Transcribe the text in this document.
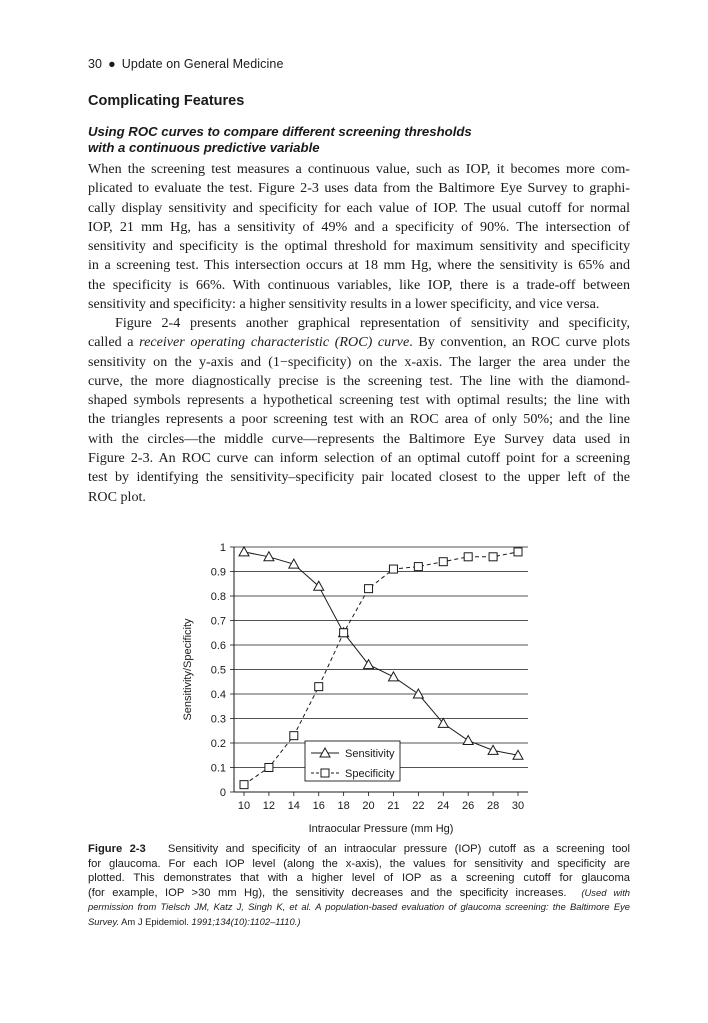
30 ● Update on General Medicine
Complicating Features
Using ROC curves to compare different screening thresholds
with a continuous predictive variable
When the screening test measures a continuous value, such as IOP, it becomes more com-
plicated to evaluate the test. Figure 2-3 uses data from the Baltimore Eye Survey to graphi-
cally display sensitivity and specificity for each value of IOP. The usual cutoff for normal
IOP, 21 mm Hg, has a sensitivity of 49% and a specificity of 90%. The intersection of
sensitivity and specificity is the optimal threshold for maximum sensitivity and specificity
in a screening test. This intersection occurs at 18 mm Hg, where the sensitivity is 65% and
the specificity is 66%. With continuous variables, like IOP, there is a trade-off between
sensitivity and specificity: a higher sensitivity results in a lower specificity, and vice versa.
Figure 2-4 presents another graphical representation of sensitivity and specificity,
called a receiver operating characteristic (ROC) curve. By convention, an ROC curve plots
sensitivity on the y-axis and (1−specificity) on the x-axis. The larger the area under the
curve, the more diagnostically precise is the screening test. The line with the diamond-
shaped symbols represents a hypothetical screening test with optimal results; the line with
the triangles represents a poor screening test with an ROC area of only 50%; and the line
with the circles—the middle curve—represents the Baltimore Eye Survey data used in
Figure 2-3. An ROC curve can inform selection of an optimal cutoff point for a screening
test by identifying the sensitivity–specificity pair located closest to the upper left of the
ROC plot.
0
0.1
0.2
0.3
0.4
0.5
0.6
0.7
0.8
0.9
1
10 12 14 16 18 20 21 22 24 26 28 30
Intraocular Pressure (mm Hg)
Sensitivity/Specificity
Sensitivity
Specificity
Figure 2-3 Sensitivity and specificity of an intraocular pressure (IOP) cutoff as a screening tool
for glaucoma. For each IOP level (along the x-axis), the values for sensitivity and specificity are
plotted. This demonstrates that with a higher level of IOP as a screening cutoff for glaucoma
(for example, IOP >30 mm Hg), the sensitivity decreases and the specificity increases. (Used with
permission from Tielsch JM, Katz J, Singh K, et al. A population-based evaluation of glaucoma screening: the Baltimore Eye
Survey. Am J Epidemiol. 1991;134(10):1102–1110.)
